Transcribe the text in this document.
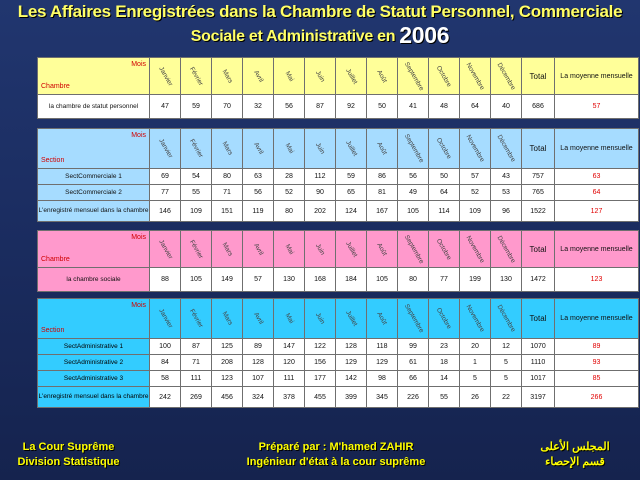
Les Affaires Enregistrées dans la Chambre de Statut Personnel, Commerciale
Sociale et Administrative en 2006
Mois
Chambre	Janvier	Février	Mars	Avril	Mai	Juin	Juillet	Août	Septembre	Octobre	Novembre	Décembre	Total	La moyenne mensuelle
la chambre de statut personnel	47	59	70	32	56	87	92	50	41	48	64	40	686	57
Mois
Section	Janvier	Février	Mars	Avril	Mai	Juin	Juillet	Août	Septembre	Octobre	Novembre	Décembre	Total	La moyenne mensuelle
SectCommerciale 1	69	54	80	63	28	112	59	86	56	50	57	43	757	63
SectCommerciale 2	77	55	71	56	52	90	65	81	49	64	52	53	765	64
L'enregistré mensuel dans la chambre	146	109	151	119	80	202	124	167	105	114	109	96	1522	127
Mois
Chambre	Janvier	Février	Mars	Avril	Mai	Juin	Juillet	Août	Septembre	Octobre	Novembre	Décembre	Total	La moyenne mensuelle
la chambre sociale	88	105	149	57	130	168	184	105	80	77	199	130	1472	123
Mois
Section	Janvier	Février	Mars	Avril	Mai	Juin	Juillet	Août	Septembre	Octobre	Novembre	Décembre	Total	La moyenne mensuelle
SectAdministrative 1	100	87	125	89	147	122	128	118	99	23	20	12	1070	89
SectAdministrative 2	84	71	208	128	120	156	129	129	61	18	1	5	1110	93
SectAdministrative 3	58	111	123	107	111	177	142	98	66	14	5	5	1017	85
L'enregistré mensuel dans la chambre	242	269	456	324	378	455	399	345	226	55	26	22	3197	266
La Cour Suprême
Division Statistique
Préparé par : M'hamed ZAHIR
Ingénieur d'état à la cour suprême
المجلس الأعلى
قسم الإحصاء
